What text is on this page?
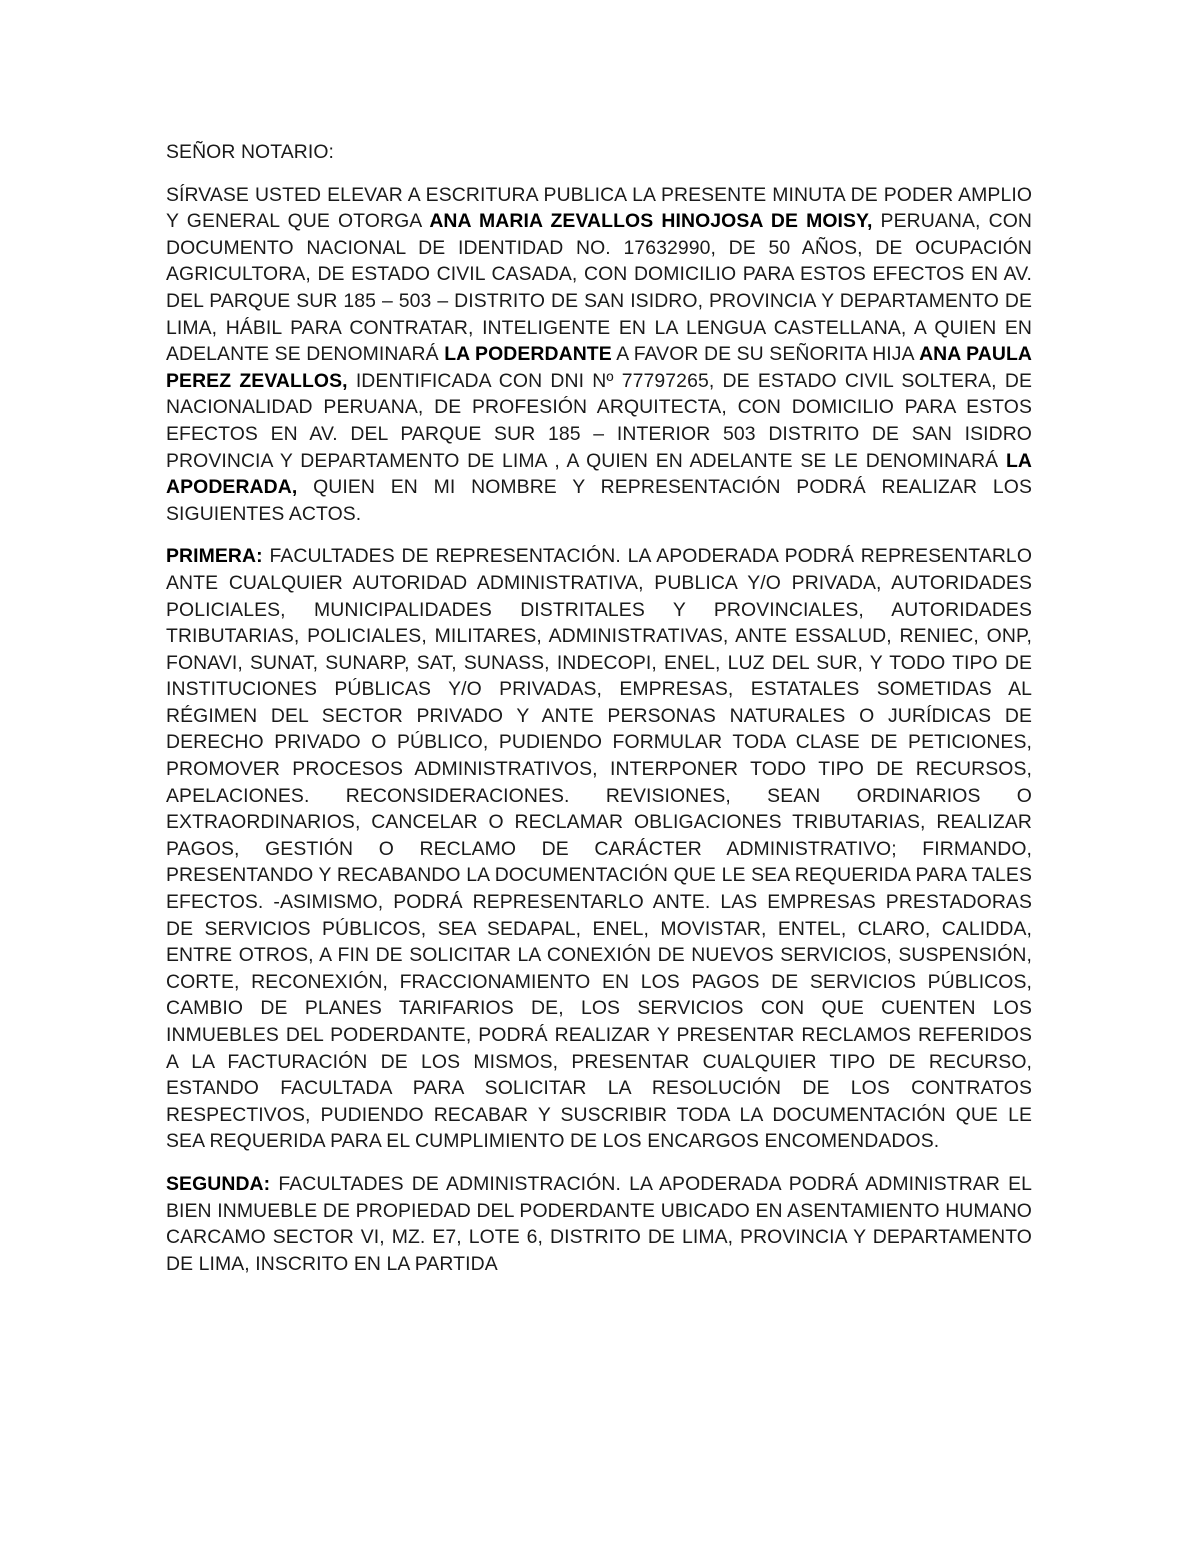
SEÑOR NOTARIO:

SÍRVASE USTED ELEVAR A ESCRITURA PUBLICA LA PRESENTE MINUTA DE PODER AMPLIO Y GENERAL QUE OTORGA ANA MARIA ZEVALLOS HINOJOSA DE MOISY, PERUANA, CON DOCUMENTO NACIONAL DE IDENTIDAD NO. 17632990, DE 50 AÑOS, DE OCUPACIÓN AGRICULTORA, DE ESTADO CIVIL CASADA, CON DOMICILIO PARA ESTOS EFECTOS EN AV. DEL PARQUE SUR 185 – 503 – DISTRITO DE SAN ISIDRO, PROVINCIA Y DEPARTAMENTO DE LIMA, HÁBIL PARA CONTRATAR, INTELIGENTE EN LA LENGUA CASTELLANA, A QUIEN EN ADELANTE SE DENOMINARÁ LA PODERDANTE A FAVOR DE SU SEÑORITA HIJA ANA PAULA PEREZ ZEVALLOS, IDENTIFICADA CON DNI Nº 77797265, DE ESTADO CIVIL SOLTERA, DE NACIONALIDAD PERUANA, DE PROFESIÓN ARQUITECTA, CON DOMICILIO PARA ESTOS EFECTOS EN AV. DEL PARQUE SUR 185 – INTERIOR 503 DISTRITO DE SAN ISIDRO PROVINCIA Y DEPARTAMENTO DE LIMA , A QUIEN EN ADELANTE SE LE DENOMINARÁ LA APODERADA, QUIEN EN MI NOMBRE Y REPRESENTACIÓN PODRÁ REALIZAR LOS SIGUIENTES ACTOS.

PRIMERA: FACULTADES DE REPRESENTACIÓN. LA APODERADA PODRÁ REPRESENTARLO ANTE CUALQUIER AUTORIDAD ADMINISTRATIVA, PUBLICA Y/O PRIVADA, AUTORIDADES POLICIALES, MUNICIPALIDADES DISTRITALES Y PROVINCIALES, AUTORIDADES TRIBUTARIAS, POLICIALES, MILITARES, ADMINISTRATIVAS, ANTE ESSALUD, RENIEC, ONP, FONAVI, SUNAT, SUNARP, SAT, SUNASS, INDECOPI, ENEL, LUZ DEL SUR, Y TODO TIPO DE INSTITUCIONES PÚBLICAS Y/O PRIVADAS, EMPRESAS, ESTATALES SOMETIDAS AL RÉGIMEN DEL SECTOR PRIVADO Y ANTE PERSONAS NATURALES O JURÍDICAS DE DERECHO PRIVADO O PÚBLICO, PUDIENDO FORMULAR TODA CLASE DE PETICIONES, PROMOVER PROCESOS ADMINISTRATIVOS, INTERPONER TODO TIPO DE RECURSOS, APELACIONES. RECONSIDERACIONES. REVISIONES, SEAN ORDINARIOS O EXTRAORDINARIOS, CANCELAR O RECLAMAR OBLIGACIONES TRIBUTARIAS, REALIZAR PAGOS, GESTIÓN O RECLAMO DE CARÁCTER ADMINISTRATIVO; FIRMANDO, PRESENTANDO Y RECABANDO LA DOCUMENTACIÓN QUE LE SEA REQUERIDA PARA TALES EFECTOS. -ASIMISMO, PODRÁ REPRESENTARLO ANTE. LAS EMPRESAS PRESTADORAS DE SERVICIOS PÚBLICOS, SEA SEDAPAL, ENEL, MOVISTAR, ENTEL, CLARO, CALIDDA, ENTRE OTROS, A FIN DE SOLICITAR LA CONEXIÓN DE NUEVOS SERVICIOS, SUSPENSIÓN, CORTE, RECONEXIÓN, FRACCIONAMIENTO EN LOS PAGOS DE SERVICIOS PÚBLICOS, CAMBIO DE PLANES TARIFARIOS DE, LOS SERVICIOS CON QUE CUENTEN LOS INMUEBLES DEL PODERDANTE, PODRÁ REALIZAR Y PRESENTAR RECLAMOS REFERIDOS A LA FACTURACIÓN DE LOS MISMOS, PRESENTAR CUALQUIER TIPO DE RECURSO, ESTANDO FACULTADA PARA SOLICITAR LA RESOLUCIÓN DE LOS CONTRATOS RESPECTIVOS, PUDIENDO RECABAR Y SUSCRIBIR TODA LA DOCUMENTACIÓN QUE LE SEA REQUERIDA PARA EL CUMPLIMIENTO DE LOS ENCARGOS ENCOMENDADOS.

SEGUNDA: FACULTADES DE ADMINISTRACIÓN. LA APODERADA PODRÁ ADMINISTRAR EL BIEN INMUEBLE DE PROPIEDAD DEL PODERDANTE UBICADO EN ASENTAMIENTO HUMANO CARCAMO SECTOR VI, MZ. E7, LOTE 6, DISTRITO DE LIMA, PROVINCIA Y DEPARTAMENTO DE LIMA, INSCRITO EN LA PARTIDA
